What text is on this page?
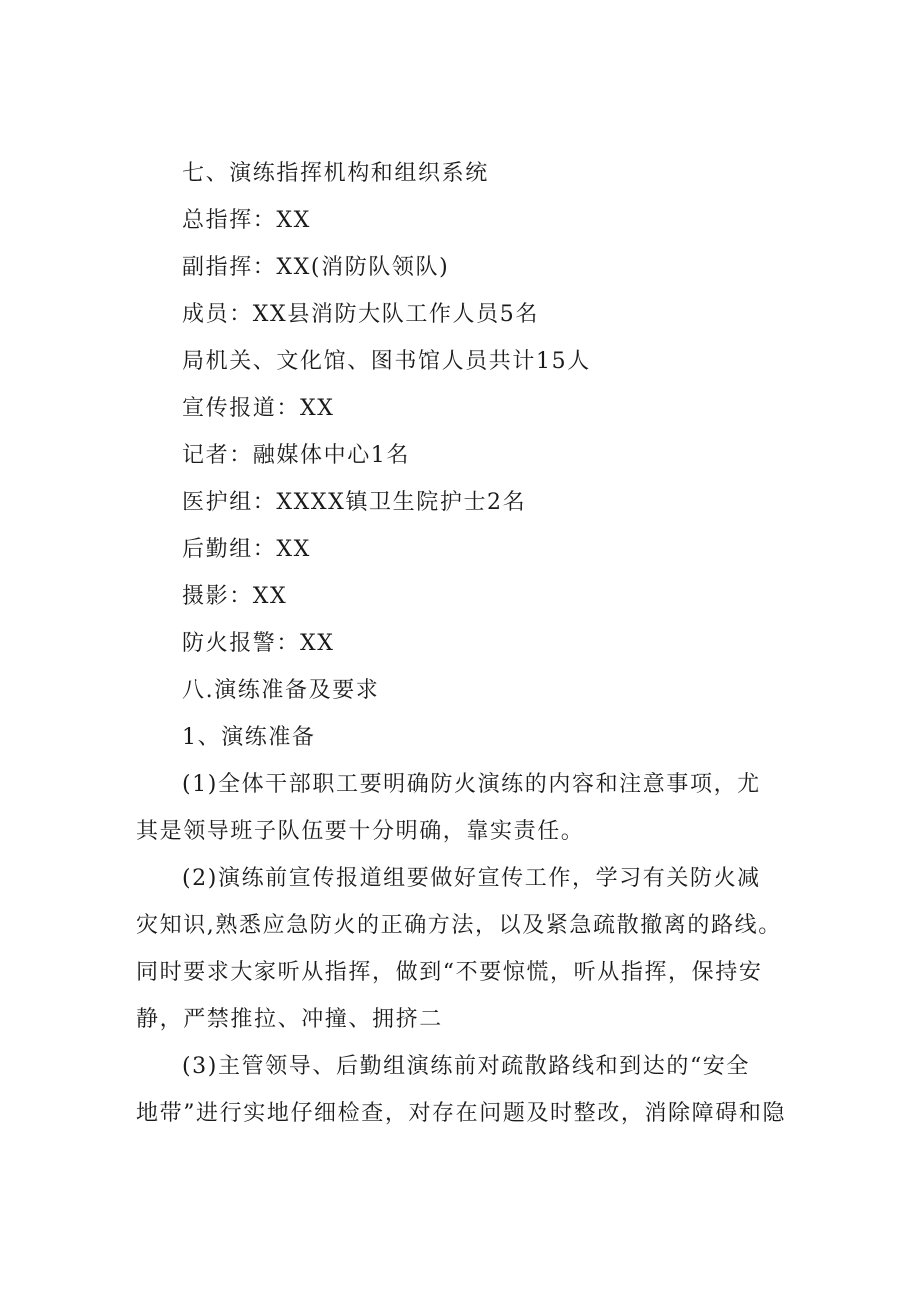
七、演练指挥机构和组织系统
总指挥：XX
副指挥：XX(消防队领队)
成员：XX县消防大队工作人员5名
局机关、文化馆、图书馆人员共计15人
宣传报道：XX
记者：融媒体中心1名
医护组：XXXX镇卫生院护士2名
后勤组：XX
摄影：XX
防火报警：XX
八.演练准备及要求
1、演练准备
(1)全体干部职工要明确防火演练的内容和注意事项，尤
其是领导班子队伍要十分明确，靠实责任。
(2)演练前宣传报道组要做好宣传工作，学习有关防火减
灾知识,熟悉应急防火的正确方法，以及紧急疏散撤离的路线。
同时要求大家听从指挥，做到“不要惊慌，听从指挥，保持安
静，严禁推拉、冲撞、拥挤二
(3)主管领导、后勤组演练前对疏散路线和到达的“安全
地带”进行实地仔细检查，对存在问题及时整改，消除障碍和隐
